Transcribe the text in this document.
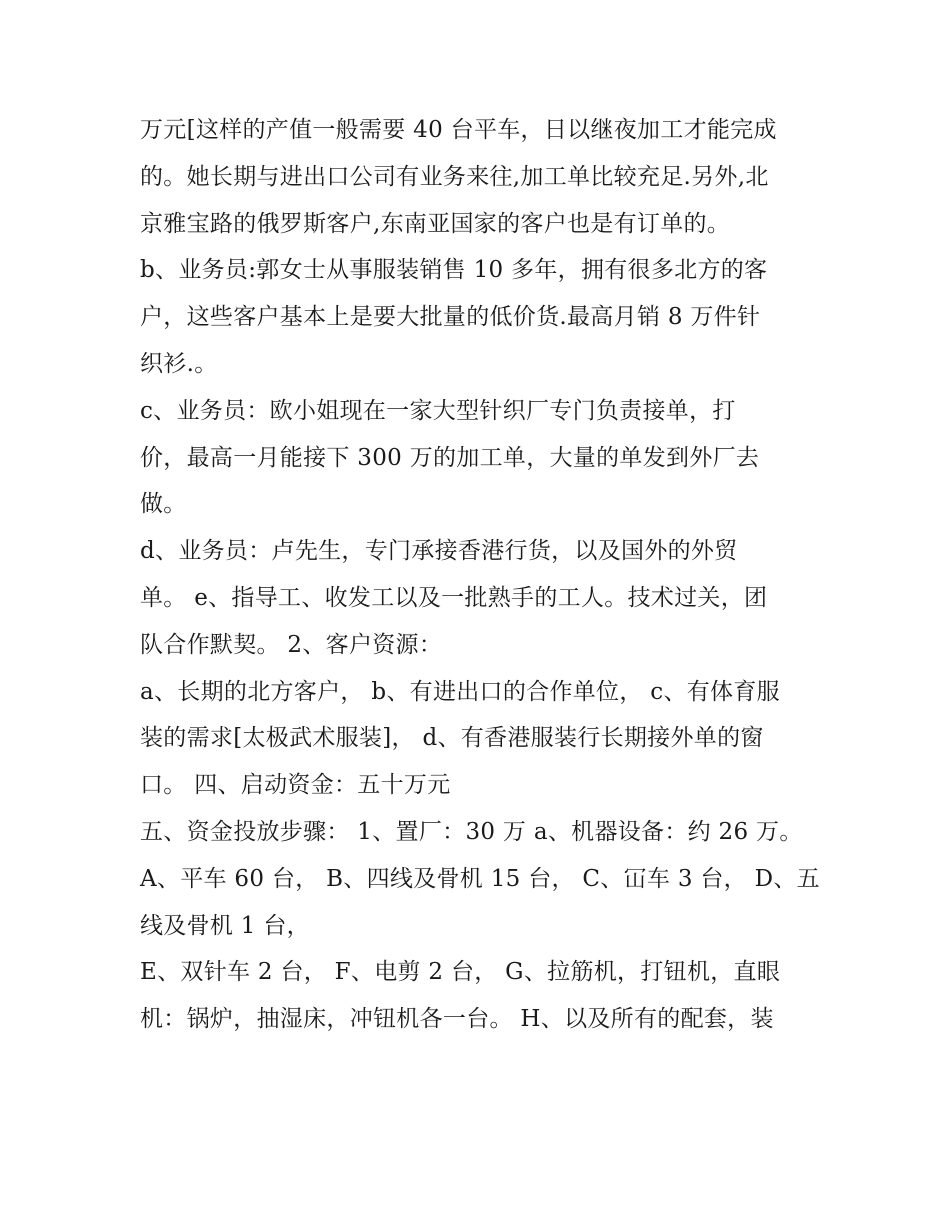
万元[这样的产值一般需要 40 台平车，日以继夜加工才能完成
的。她长期与进出口公司有业务来往,加工单比较充足.另外,北
京雅宝路的俄罗斯客户,东南亚国家的客户也是有订单的。
b、业务员:郭女士从事服装销售 10 多年，拥有很多北方的客
户，这些客户基本上是要大批量的低价货.最高月销 8 万件针
织衫.。
c、业务员：欧小姐现在一家大型针织厂专门负责接单，打
价，最高一月能接下 300 万的加工单，大量的单发到外厂去
做。
d、业务员：卢先生，专门承接香港行货，以及国外的外贸
单。 e、指导工、收发工以及一批熟手的工人。技术过关，团
队合作默契。 2、客户资源：
a、长期的北方客户， b、有进出口的合作单位， c、有体育服
装的需求[太极武术服装]， d、有香港服装行长期接外单的窗
口。 四、启动资金：五十万元
五、资金投放步骤： 1、置厂：30 万 a、机器设备：约 26 万。
A、平车 60 台， B、四线及骨机 15 台， C、冚车 3 台， D、五
线及骨机 1 台，
E、双针车 2 台， F、电剪 2 台， G、拉筋机，打钮机，直眼
机：锅炉，抽湿床，冲钮机各一台。 H、以及所有的配套，装
